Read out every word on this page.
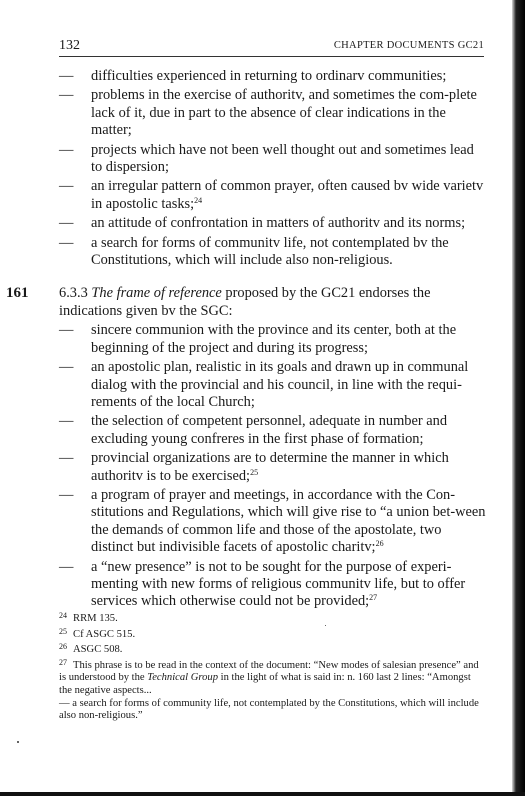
132	CHAPTER DOCUMENTS GC21
— difficulties experienced in returning to ordinarv communities;
— problems in the exercise of authoritv, and sometimes the com-plete lack of it, due in part to the absence of clear indications in the matter;
— projects which have not been well thought out and sometimes lead to dispersion;
— an irregular pattern of common prayer, often caused bv wide varietv in apostolic tasks;$^{24}$
— an attitude of confrontation in matters of authoritv and its norms;
— a search for forms of communitv life, not contemplated bv the Constitutions, which will include also non-religious.
161 6.3.3 The frame of reference proposed by the GC21 endorses the indications given bv the SGC:
— sincere communion with the province and its center, both at the beginning of the project and during its progress;
— an apostolic plan, realistic in its goals and drawn up in communal dialog with the provincial and his council, in line with the requi-rements of the local Church;
— the selection of competent personnel, adequate in number and excluding young confreres in the first phase of formation;
— provincial organizations are to determine the manner in which authoritv is to be exercised;$^{25}$
— a program of prayer and meetings, in accordance with the Con-stitutions and Regulations, which will give rise to “a union bet-ween the demands of common life and those of the apostolate, two distinct but indivisible facets of apostolic charitv;$^{26}$
— a “new presence” is not to be sought for the purpose of experi-menting with new forms of religious communitv life, but to offer services which otherwise could not be provided;$^{27}$

24 RRM 135.

25 Cf ASGC 515.

26 ASGC 508.

27 This phrase is to be read in the context of the document: “New modes of salesian presence” and is understood by the Technical Group in the light of what is said in: n. 160 last 2 lines: “Amongst the negative aspects...

— a search for forms of community life, not contemplated by the Constitutions, which will include also non-religious.”
